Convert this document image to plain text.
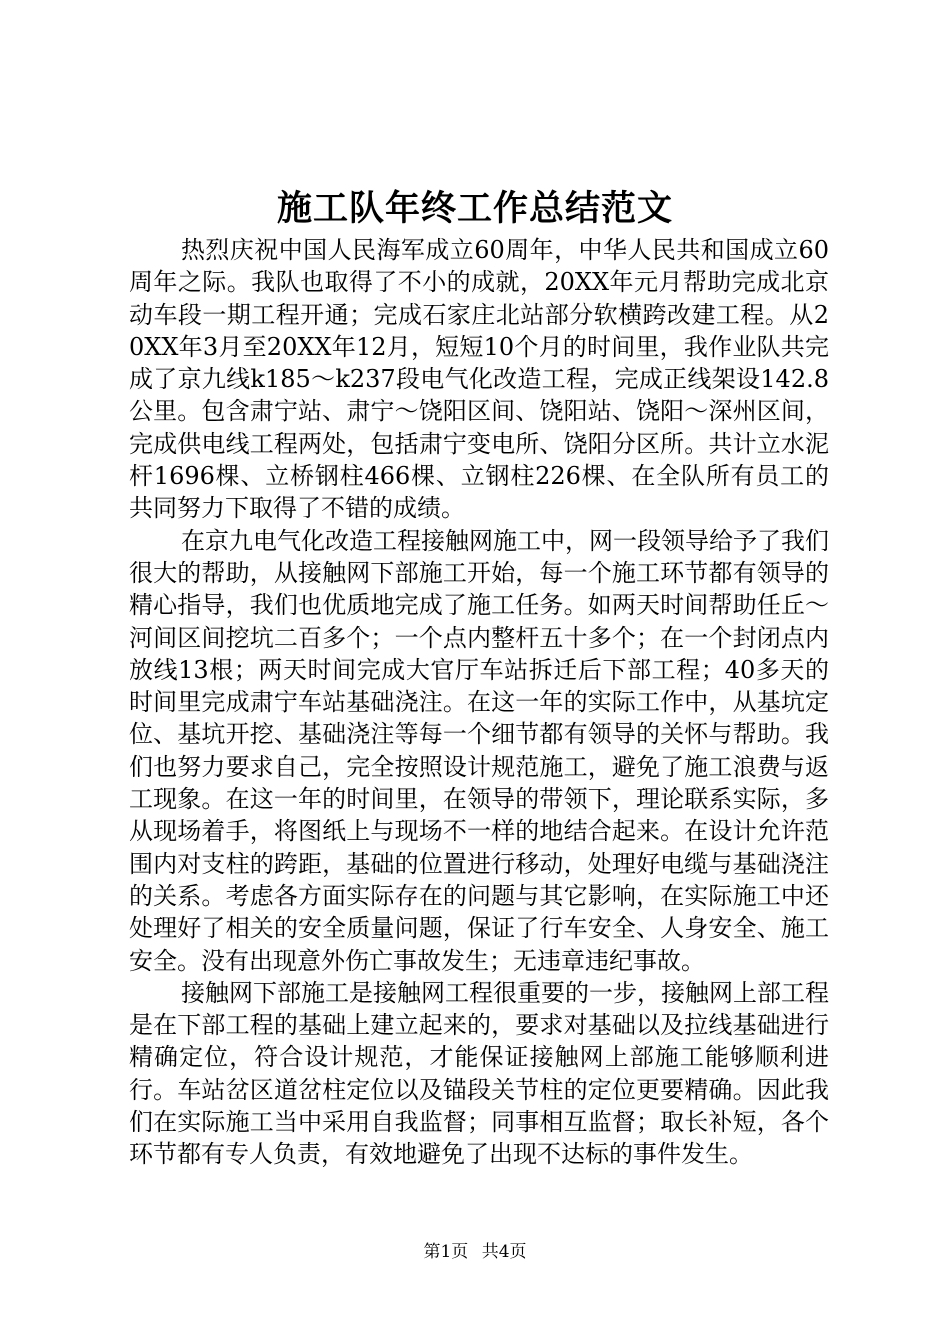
施工队年终工作总结范文

热烈庆祝中国人民海军成立60周年，中华人民共和国成立60周年之际。我队也取得了不小的成就，20XX年元月帮助完成北京动车段一期工程开通；完成石家庄北站部分软横跨改建工程。从20XX年3月至20XX年12月，短短10个月的时间里，我作业队共完成了京九线k185～k237段电气化改造工程，完成正线架设142.8公里。包含肃宁站、肃宁～饶阳区间、饶阳站、饶阳～深州区间，完成供电线工程两处，包括肃宁变电所、饶阳分区所。共计立水泥杆1696棵、立桥钢柱466棵、立钢柱226棵、在全队所有员工的共同努力下取得了不错的成绩。

在京九电气化改造工程接触网施工中，网一段领导给予了我们很大的帮助，从接触网下部施工开始，每一个施工环节都有领导的精心指导，我们也优质地完成了施工任务。如两天时间帮助任丘～河间区间挖坑二百多个；一个点内整杆五十多个；在一个封闭点内放线13根；两天时间完成大官厅车站拆迁后下部工程；40多天的时间里完成肃宁车站基础浇注。在这一年的实际工作中，从基坑定位、基坑开挖、基础浇注等每一个细节都有领导的关怀与帮助。我们也努力要求自己，完全按照设计规范施工，避免了施工浪费与返工现象。在这一年的时间里，在领导的带领下，理论联系实际，多从现场着手，将图纸上与现场不一样的地结合起来。在设计允许范围内对支柱的跨距，基础的位置进行移动，处理好电缆与基础浇注的关系。考虑各方面实际存在的问题与其它影响，在实际施工中还处理好了相关的安全质量问题，保证了行车安全、人身安全、施工安全。没有出现意外伤亡事故发生；无违章违纪事故。

接触网下部施工是接触网工程很重要的一步，接触网上部工程是在下部工程的基础上建立起来的，要求对基础以及拉线基础进行精确定位，符合设计规范，才能保证接触网上部施工能够顺利进行。车站岔区道岔柱定位以及锚段关节柱的定位更要精确。因此我们在实际施工当中采用自我监督；同事相互监督；取长补短，各个环节都有专人负责，有效地避免了出现不达标的事件发生。

第1页 共4页
